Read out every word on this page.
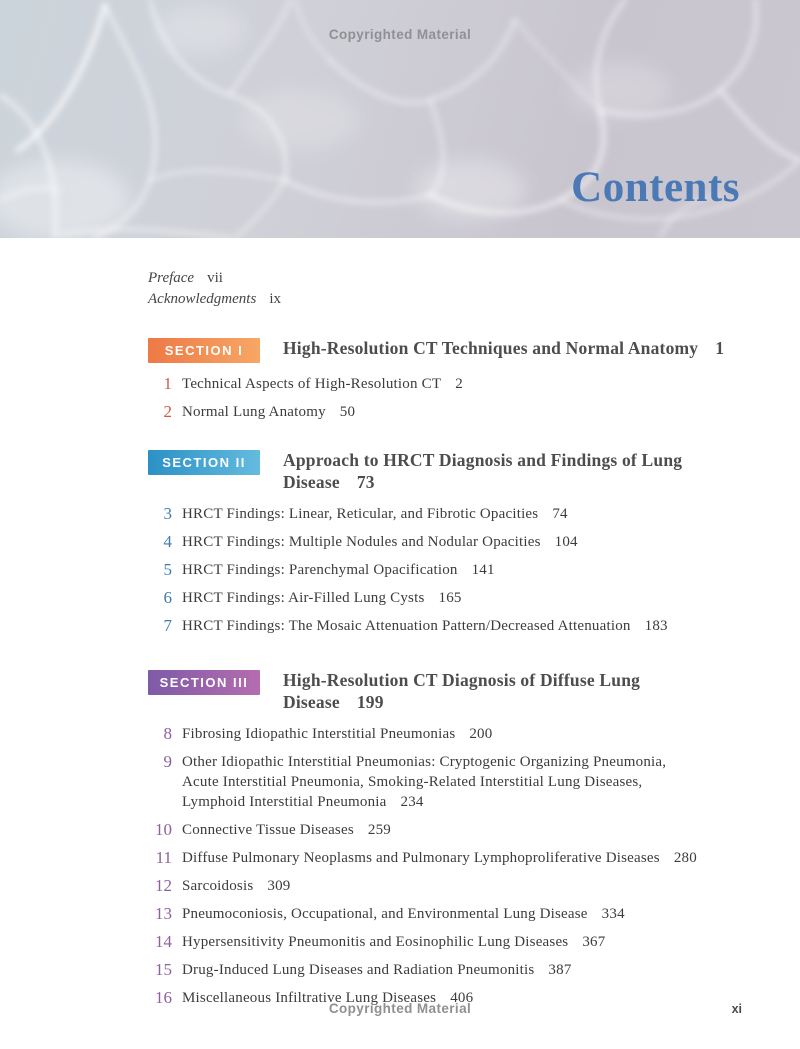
Copyrighted Material
Contents
Preface vii
Acknowledgments ix
SECTION I	High-Resolution CT Techniques and Normal Anatomy 1
1 Technical Aspects of High-Resolution CT 2
2 Normal Lung Anatomy 50
SECTION II	Approach to HRCT Diagnosis and Findings of Lung
Disease 73
3 HRCT Findings: Linear, Reticular, and Fibrotic Opacities 74
4 HRCT Findings: Multiple Nodules and Nodular Opacities 104
5 HRCT Findings: Parenchymal Opacification 141
6 HRCT Findings: Air-Filled Lung Cysts 165
7 HRCT Findings: The Mosaic Attenuation Pattern/Decreased Attenuation 183
SECTION III	High-Resolution CT Diagnosis of Diffuse Lung Disease 199
8 Fibrosing Idiopathic Interstitial Pneumonias 200
9 Other Idiopathic Interstitial Pneumonias: Cryptogenic Organizing Pneumonia,
Acute Interstitial Pneumonia, Smoking-Related Interstitial Lung Diseases,
Lymphoid Interstitial Pneumonia 234
10 Connective Tissue Diseases 259
11 Diffuse Pulmonary Neoplasms and Pulmonary Lymphoproliferative Diseases 280
12 Sarcoidosis 309
13 Pneumoconiosis, Occupational, and Environmental Lung Disease 334
14 Hypersensitivity Pneumonitis and Eosinophilic Lung Diseases 367
15 Drug-Induced Lung Diseases and Radiation Pneumonitis 387
16 Miscellaneous Infiltrative Lung Diseases 406
Copyrighted Material	xi
